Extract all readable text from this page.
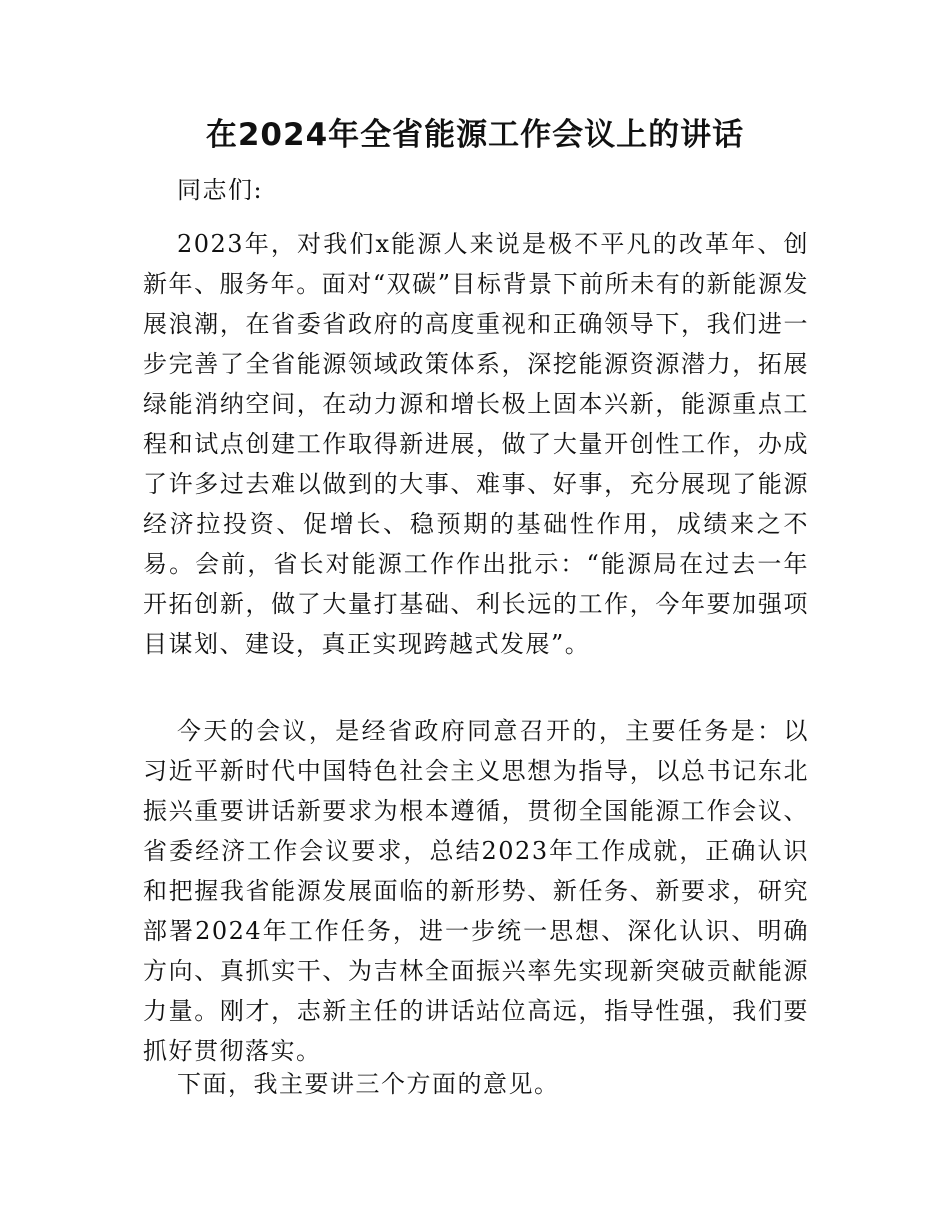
在2024年全省能源工作会议上的讲话

同志们:

2023年，对我们x能源人来说是极不平凡的改革年、创新年、服务年。面对“双碳”目标背景下前所未有的新能源发展浪潮，在省委省政府的高度重视和正确领导下，我们进一步完善了全省能源领域政策体系，深挖能源资源潜力，拓展绿能消纳空间，在动力源和增长极上固本兴新，能源重点工程和试点创建工作取得新进展，做了大量开创性工作，办成了许多过去难以做到的大事、难事、好事，充分展现了能源经济拉投资、促增长、稳预期的基础性作用，成绩来之不易。会前，省长对能源工作作出批示：“能源局在过去一年开拓创新，做了大量打基础、利长远的工作，今年要加强项目谋划、建设，真正实现跨越式发展”。

今天的会议，是经省政府同意召开的，主要任务是：以习近平新时代中国特色社会主义思想为指导，以总书记东北振兴重要讲话新要求为根本遵循，贯彻全国能源工作会议、省委经济工作会议要求，总结2023年工作成就，正确认识和把握我省能源发展面临的新形势、新任务、新要求，研究部署2024年工作任务，进一步统一思想、深化认识、明确方向、真抓实干、为吉林全面振兴率先实现新突破贡献能源力量。刚才，志新主任的讲话站位高远，指导性强，我们要抓好贯彻落实。

下面，我主要讲三个方面的意见。
